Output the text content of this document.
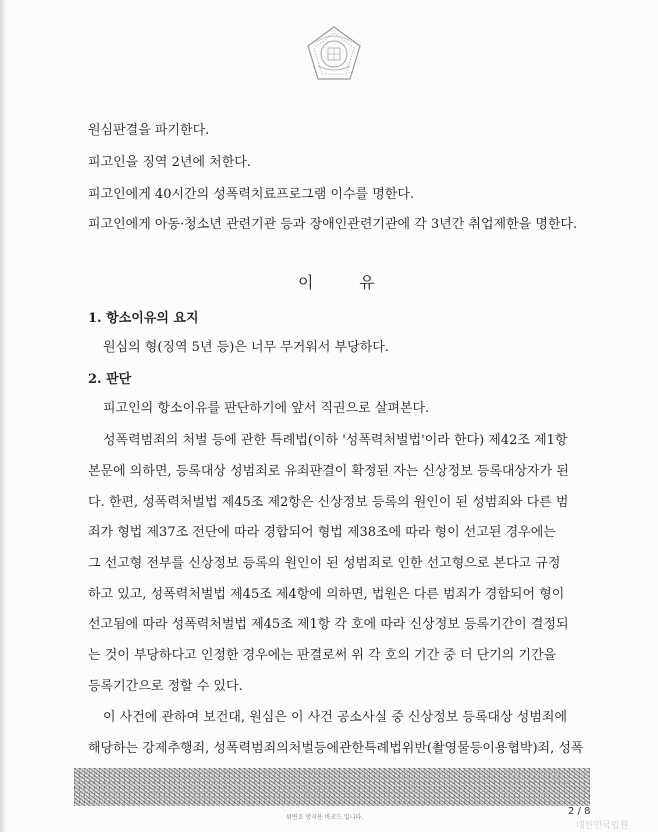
원심판결을 파기한다.
피고인을 징역 2년에 처한다.
피고인에게 40시간의 성폭력치료프로그램 이수를 명한다.
피고인에게 아동·청소년 관련기관 등과 장애인관련기관에 각 3년간 취업제한을 명한다.
이         유
1. 항소이유의 요지
원심의 형(징역 5년 등)은 너무 무거워서 부당하다.
2. 판단
피고인의 항소이유를 판단하기에 앞서 직권으로 살펴본다.
성폭력범죄의 처벌 등에 관한 특례법(이하 '성폭력처벌법'이라 한다) 제42조 제1항
본문에 의하면, 등록대상 성범죄로 유죄판결이 확정된 자는 신상정보 등록대상자가 된
다. 한편, 성폭력처벌법 제45조 제2항은 신상정보 등록의 원인이 된 성범죄와 다른 범
죄가 형법 제37조 전단에 따라 경합되어 형법 제38조에 따라 형이 선고된 경우에는
그 선고형 전부를 신상정보 등록의 원인이 된 성범죄로 인한 선고형으로 본다고 규정
하고 있고, 성폭력처벌법 제45조 제4항에 의하면, 법원은 다른 범죄가 경합되어 형이
선고됨에 따라 성폭력처벌법 제45조 제1항 각 호에 따라 신상정보 등록기간이 결정되
는 것이 부당하다고 인정한 경우에는 판결로써 위 각 호의 기간 중 더 단기의 기간을
등록기간으로 정할 수 있다.
이 사건에 관하여 보건대, 원심은 이 사건 공소사실 중 신상정보 등록대상 성범죄에
해당하는 강제추행죄, 성폭력범죄의처벌등에관한특례법위반(촬영물등이용협박)죄, 성폭
위변조 방지용 바코드 입니다.
2 / 8
대한민국법원
